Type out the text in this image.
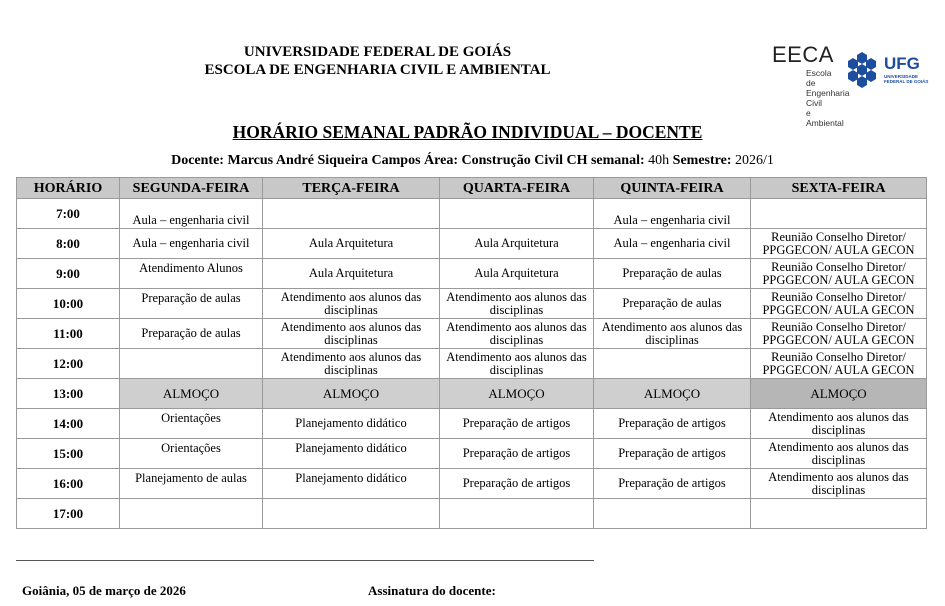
UNIVERSIDADE FEDERAL DE GOIÁS
ESCOLA DE ENGENHARIA CIVIL E AMBIENTAL
EECA
Escola de
Engenharia Civil
e Ambiental
UFG
UNIVERSIDADE
FEDERAL DE GOIÁS
HORÁRIO SEMANAL PADRÃO INDIVIDUAL – DOCENTE
Docente: Marcus André Siqueira Campos Área: Construção Civil CH semanal: 40h Semestre: 2026/1
HORÁRIO	SEGUNDA-FEIRA	TERÇA-FEIRA	QUARTA-FEIRA	QUINTA-FEIRA	SEXTA-FEIRA
7:00	Aula – engenharia civil			Aula – engenharia civil	
8:00	Aula – engenharia civil	Aula Arquitetura	Aula Arquitetura	Aula – engenharia civil	Reunião Conselho Diretor/ PPGGECON/ AULA GECON
9:00	Atendimento Alunos	Aula Arquitetura	Aula Arquitetura	Preparação de aulas	Reunião Conselho Diretor/ PPGGECON/ AULA GECON
10:00	Preparação de aulas	Atendimento aos alunos das disciplinas	Atendimento aos alunos das disciplinas	Preparação de aulas	Reunião Conselho Diretor/ PPGGECON/ AULA GECON
11:00	Preparação de aulas	Atendimento aos alunos das disciplinas	Atendimento aos alunos das disciplinas	Atendimento aos alunos das disciplinas	Reunião Conselho Diretor/ PPGGECON/ AULA GECON
12:00		Atendimento aos alunos das disciplinas	Atendimento aos alunos das disciplinas		Reunião Conselho Diretor/ PPGGECON/ AULA GECON
13:00	ALMOÇO	ALMOÇO	ALMOÇO	ALMOÇO	ALMOÇO
14:00	Orientações	Planejamento didático	Preparação de artigos	Preparação de artigos	Atendimento aos alunos das disciplinas
15:00	Orientações	Planejamento didático	Preparação de artigos	Preparação de artigos	Atendimento aos alunos das disciplinas
16:00	Planejamento de aulas	Planejamento didático	Preparação de artigos	Preparação de artigos	Atendimento aos alunos das disciplinas
17:00					
Goiânia, 05 de março de 2026	Assinatura do docente:
